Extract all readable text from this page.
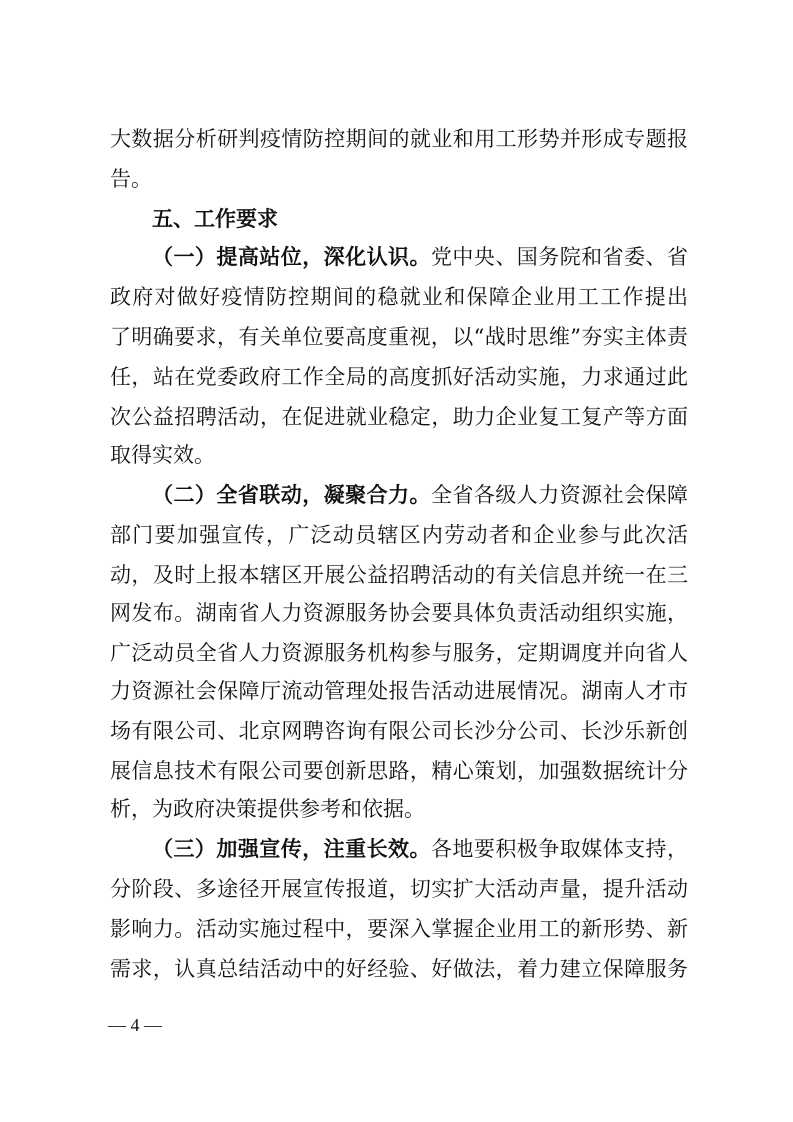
大数据分析研判疫情防控期间的就业和用工形势并形成专题报
告。
五、工作要求
（一）提高站位，深化认识。党中央、国务院和省委、省
政府对做好疫情防控期间的稳就业和保障企业用工工作提出
了明确要求，有关单位要高度重视，以“战时思维”夯实主体责
任，站在党委政府工作全局的高度抓好活动实施，力求通过此
次公益招聘活动，在促进就业稳定，助力企业复工复产等方面
取得实效。
（二）全省联动，凝聚合力。全省各级人力资源社会保障
部门要加强宣传，广泛动员辖区内劳动者和企业参与此次活
动，及时上报本辖区开展公益招聘活动的有关信息并统一在三
网发布。湖南省人力资源服务协会要具体负责活动组织实施，
广泛动员全省人力资源服务机构参与服务，定期调度并向省人
力资源社会保障厅流动管理处报告活动进展情况。湖南人才市
场有限公司、北京网聘咨询有限公司长沙分公司、长沙乐新创
展信息技术有限公司要创新思路，精心策划，加强数据统计分
析，为政府决策提供参考和依据。
（三）加强宣传，注重长效。各地要积极争取媒体支持，
分阶段、多途径开展宣传报道，切实扩大活动声量，提升活动
影响力。活动实施过程中，要深入掌握企业用工的新形势、新
需求，认真总结活动中的好经验、好做法，着力建立保障服务
— 4 —
